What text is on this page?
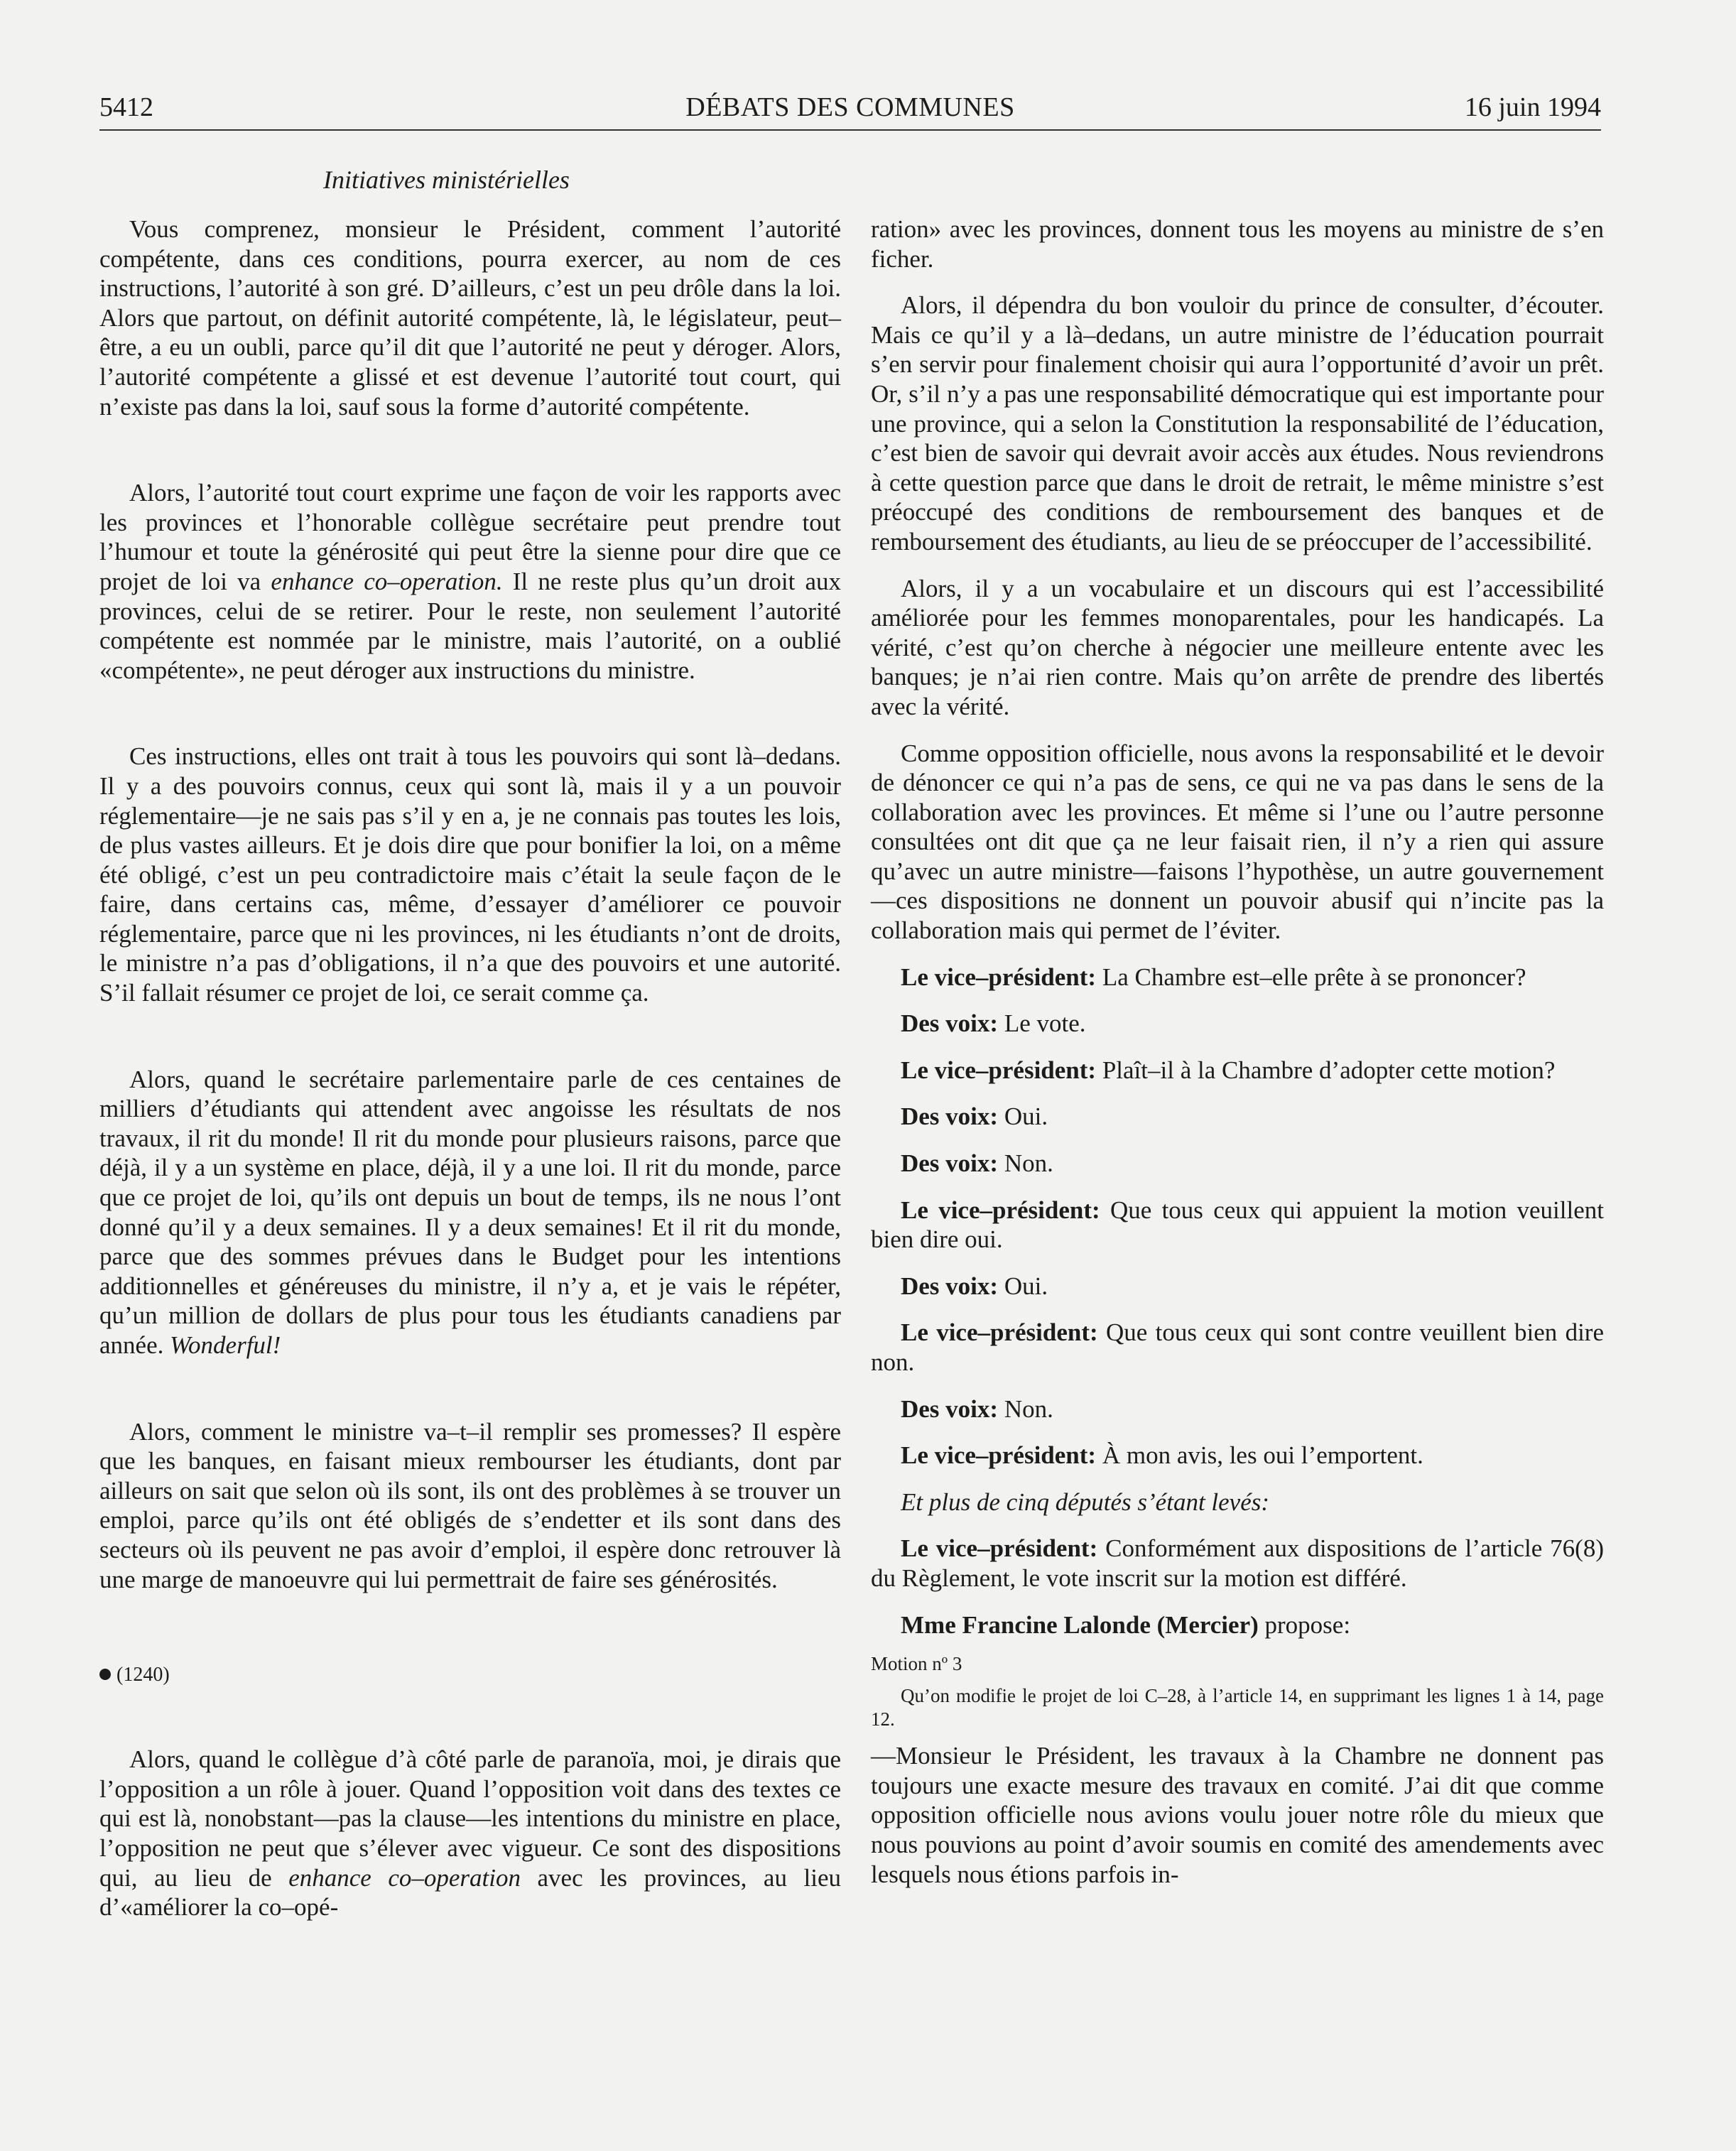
5412	DÉBATS DES COMMUNES	16 juin 1994
Initiatives ministérielles

Vous comprenez, monsieur le Président, comment l’autorité compétente, dans ces conditions, pourra exercer, au nom de ces instructions, l’autorité à son gré. D’ailleurs, c’est un peu drôle dans la loi. Alors que partout, on définit autorité compétente, là, le législateur, peut–être, a eu un oubli, parce qu’il dit que l’autorité ne peut y déroger. Alors, l’autorité compétente a glissé et est devenue l’autorité tout court, qui n’existe pas dans la loi, sauf sous la forme d’autorité compétente.

Alors, l’autorité tout court exprime une façon de voir les rapports avec les provinces et l’honorable collègue secrétaire peut prendre tout l’humour et toute la générosité qui peut être la sienne pour dire que ce projet de loi va enhance co–operation. Il ne reste plus qu’un droit aux provinces, celui de se retirer. Pour le reste, non seulement l’autorité compétente est nommée par le ministre, mais l’autorité, on a oublié «compétente», ne peut déroger aux instructions du ministre.

Ces instructions, elles ont trait à tous les pouvoirs qui sont là–dedans. Il y a des pouvoirs connus, ceux qui sont là, mais il y a un pouvoir réglementaire—je ne sais pas s’il y en a, je ne connais pas toutes les lois, de plus vastes ailleurs. Et je dois dire que pour bonifier la loi, on a même été obligé, c’est un peu contradictoire mais c’était la seule façon de le faire, dans certains cas, même, d’essayer d’améliorer ce pouvoir réglementaire, parce que ni les provinces, ni les étudiants n’ont de droits, le ministre n’a pas d’obligations, il n’a que des pouvoirs et une autorité. S’il fallait résumer ce projet de loi, ce serait comme ça.

Alors, quand le secrétaire parlementaire parle de ces centaines de milliers d’étudiants qui attendent avec angoisse les résultats de nos travaux, il rit du monde! Il rit du monde pour plusieurs raisons, parce que déjà, il y a un système en place, déjà, il y a une loi. Il rit du monde, parce que ce projet de loi, qu’ils ont depuis un bout de temps, ils ne nous l’ont donné qu’il y a deux semaines. Il y a deux semaines! Et il rit du monde, parce que des sommes prévues dans le Budget pour les intentions additionnelles et généreuses du ministre, il n’y a, et je vais le répéter, qu’un million de dollars de plus pour tous les étudiants canadiens par année. Wonderful!

Alors, comment le ministre va–t–il remplir ses promesses? Il espère que les banques, en faisant mieux rembourser les étudiants, dont par ailleurs on sait que selon où ils sont, ils ont des problèmes à se trouver un emploi, parce qu’ils ont été obligés de s’endetter et ils sont dans des secteurs où ils peuvent ne pas avoir d’emploi, il espère donc retrouver là une marge de manoeuvre qui lui permettrait de faire ses générosités.

(1240)

Alors, quand le collègue d’à côté parle de paranoïa, moi, je dirais que l’opposition a un rôle à jouer. Quand l’opposition voit dans des textes ce qui est là, nonobstant—pas la clause—les intentions du ministre en place, l’opposition ne peut que s’élever avec vigueur. Ce sont des dispositions qui, au lieu de enhance co–operation avec les provinces, au lieu d’«améliorer la co–opé-

ration» avec les provinces, donnent tous les moyens au ministre de s’en ficher.

Alors, il dépendra du bon vouloir du prince de consulter, d’écouter. Mais ce qu’il y a là–dedans, un autre ministre de l’éducation pourrait s’en servir pour finalement choisir qui aura l’opportunité d’avoir un prêt. Or, s’il n’y a pas une responsabilité démocratique qui est importante pour une province, qui a selon la Constitution la responsabilité de l’éducation, c’est bien de savoir qui devrait avoir accès aux études. Nous reviendrons à cette question parce que dans le droit de retrait, le même ministre s’est préoccupé des conditions de remboursement des banques et de remboursement des étudiants, au lieu de se préoccuper de l’accessibilité.

Alors, il y a un vocabulaire et un discours qui est l’accessibilité améliorée pour les femmes monoparentales, pour les handicapés. La vérité, c’est qu’on cherche à négocier une meilleure entente avec les banques; je n’ai rien contre. Mais qu’on arrête de prendre des libertés avec la vérité.

Comme opposition officielle, nous avons la responsabilité et le devoir de dénoncer ce qui n’a pas de sens, ce qui ne va pas dans le sens de la collaboration avec les provinces. Et même si l’une ou l’autre personne consultées ont dit que ça ne leur faisait rien, il n’y a rien qui assure qu’avec un autre ministre—faisons l’hypothèse, un autre gouvernement—ces dispositions ne donnent un pouvoir abusif qui n’incite pas la collaboration mais qui permet de l’éviter.

Le vice–président: La Chambre est–elle prête à se prononcer?

Des voix: Le vote.

Le vice–président: Plaît–il à la Chambre d’adopter cette motion?

Des voix: Oui.

Des voix: Non.

Le vice–président: Que tous ceux qui appuient la motion veuillent bien dire oui.

Des voix: Oui.

Le vice–président: Que tous ceux qui sont contre veuillent bien dire non.

Des voix: Non.

Le vice–président: À mon avis, les oui l’emportent.

Et plus de cinq députés s’étant levés:

Le vice–président: Conformément aux dispositions de l’article 76(8) du Règlement, le vote inscrit sur la motion est différé.

Mme Francine Lalonde (Mercier) propose:

Motion nº 3

Qu’on modifie le projet de loi C–28, à l’article 14, en supprimant les lignes 1 à 14, page 12.

—Monsieur le Président, les travaux à la Chambre ne donnent pas toujours une exacte mesure des travaux en comité. J’ai dit que comme opposition officielle nous avions voulu jouer notre rôle du mieux que nous pouvions au point d’avoir soumis en comité des amendements avec lesquels nous étions parfois in-
